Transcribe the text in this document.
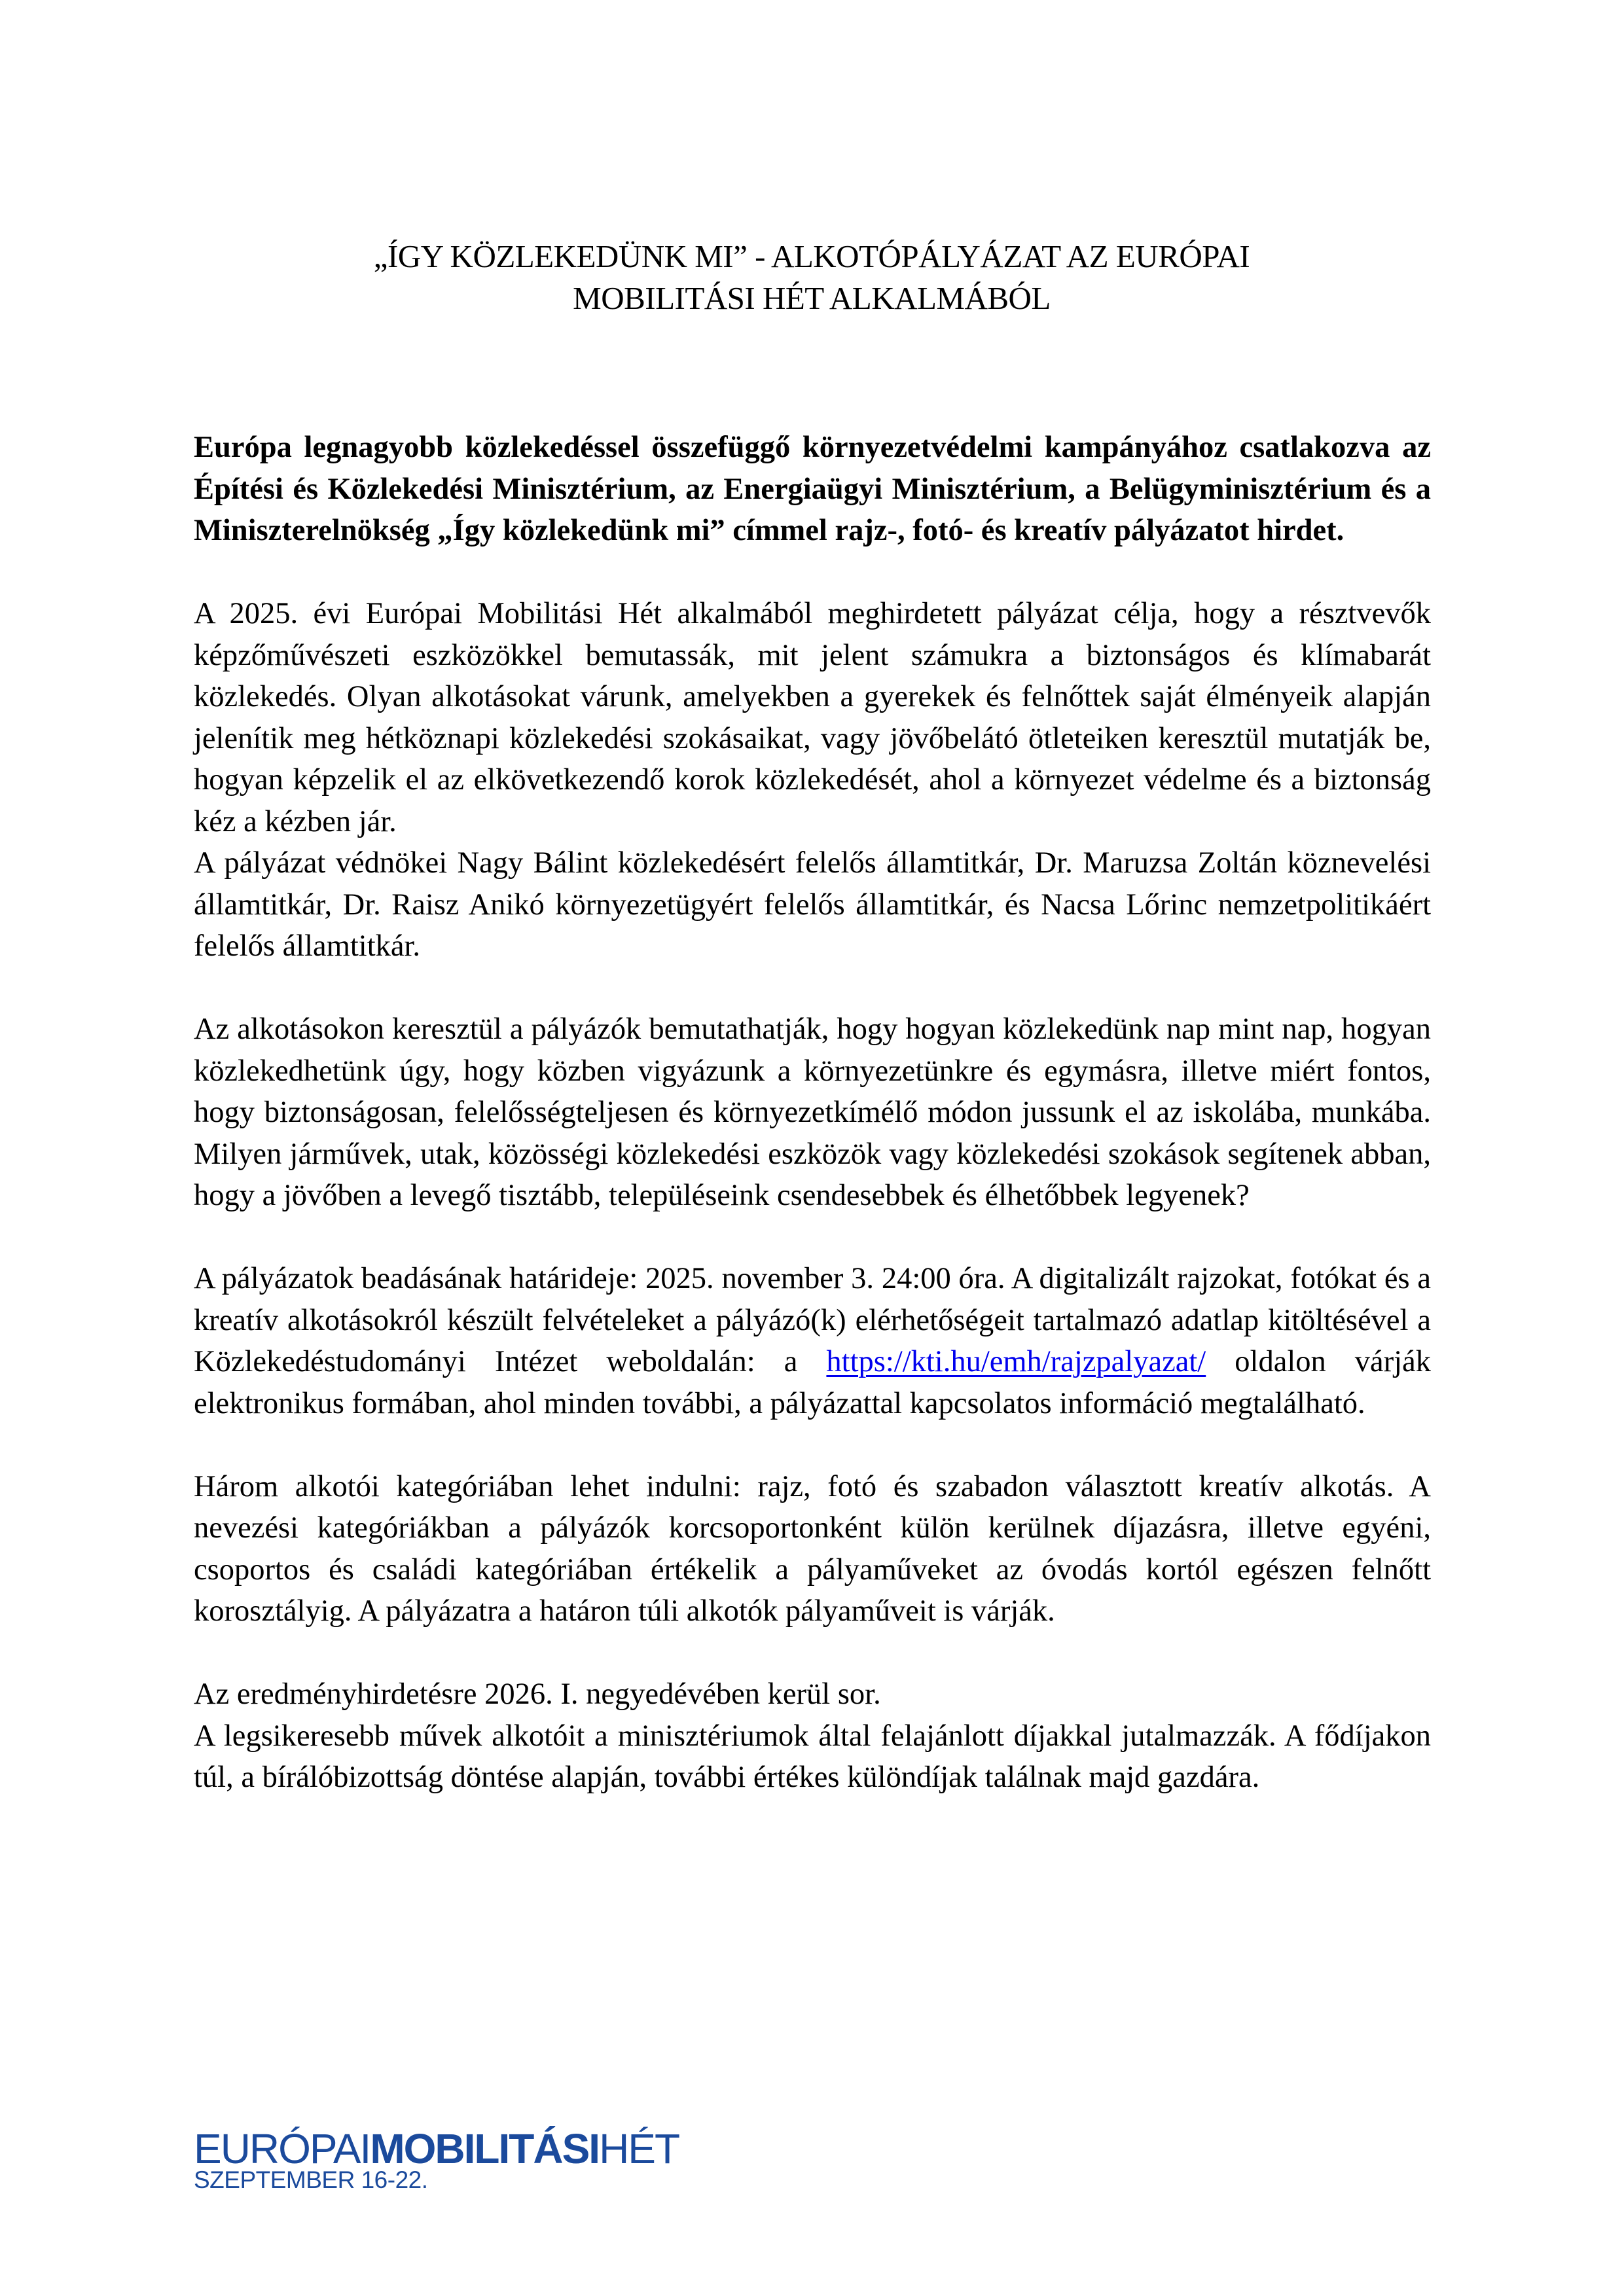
„ÍGY KÖZLEKEDÜNK MI” - ALKOTÓPÁLYÁZAT AZ EURÓPAI
MOBILITÁSI HÉT ALKALMÁBÓL

Európa legnagyobb közlekedéssel összefüggő környezetvédelmi kampányához csatlakozva az Építési és Közlekedési Minisztérium, az Energiaügyi Minisztérium, a Belügyminisztérium és a Miniszterelnökség „Így közlekedünk mi” címmel rajz-, fotó- és kreatív pályázatot hirdet.

A 2025. évi Európai Mobilitási Hét alkalmából meghirdetett pályázat célja, hogy a résztvevők képzőművészeti eszközökkel bemutassák, mit jelent számukra a biztonságos és klímabarát közlekedés. Olyan alkotásokat várunk, amelyekben a gyerekek és felnőttek saját élményeik alapján jelenítik meg hétköznapi közlekedési szokásaikat, vagy jövőbelátó ötleteiken keresztül mutatják be, hogyan képzelik el az elkövetkezendő korok közlekedését, ahol a környezet védelme és a biztonság kéz a kézben jár.

A pályázat védnökei Nagy Bálint közlekedésért felelős államtitkár, Dr. Maruzsa Zoltán köznevelési államtitkár, Dr. Raisz Anikó környezetügyért felelős államtitkár, és Nacsa Lőrinc nemzetpolitikáért felelős államtitkár.

Az alkotásokon keresztül a pályázók bemutathatják, hogy hogyan közlekedünk nap mint nap, hogyan közlekedhetünk úgy, hogy közben vigyázunk a környezetünkre és egymásra, illetve miért fontos, hogy biztonságosan, felelősségteljesen és környezetkímélő módon jussunk el az iskolába, munkába. Milyen járművek, utak, közösségi közlekedési eszközök vagy közlekedési szokások segítenek abban, hogy a jövőben a levegő tisztább, településeink csendesebbek és élhetőbbek legyenek?

A pályázatok beadásának határideje: 2025. november 3. 24:00 óra. A digitalizált rajzokat, fotókat és a kreatív alkotásokról készült felvételeket a pályázó(k) elérhetőségeit tartalmazó adatlap kitöltésével a Közlekedéstudományi Intézet weboldalán: a https://kti.hu/emh/rajzpalyazat/ oldalon várják elektronikus formában, ahol minden további, a pályázattal kapcsolatos információ megtalálható.

Három alkotói kategóriában lehet indulni: rajz, fotó és szabadon választott kreatív alkotás. A nevezési kategóriákban a pályázók korcsoportonként külön kerülnek díjazásra, illetve egyéni, csoportos és családi kategóriában értékelik a pályaműveket az óvodás kortól egészen felnőtt korosztályig. A pályázatra a határon túli alkotók pályaműveit is várják.

Az eredményhirdetésre 2026. I. negyedévében kerül sor.

A legsikeresebb művek alkotóit a minisztériumok által felajánlott díjakkal jutalmazzák. A fődíjakon túl, a bírálóbizottság döntése alapján, további értékes különdíjak találnak majd gazdára.

EURÓPAIMOBILITÁSIHÉT
SZEPTEMBER 16-22.
